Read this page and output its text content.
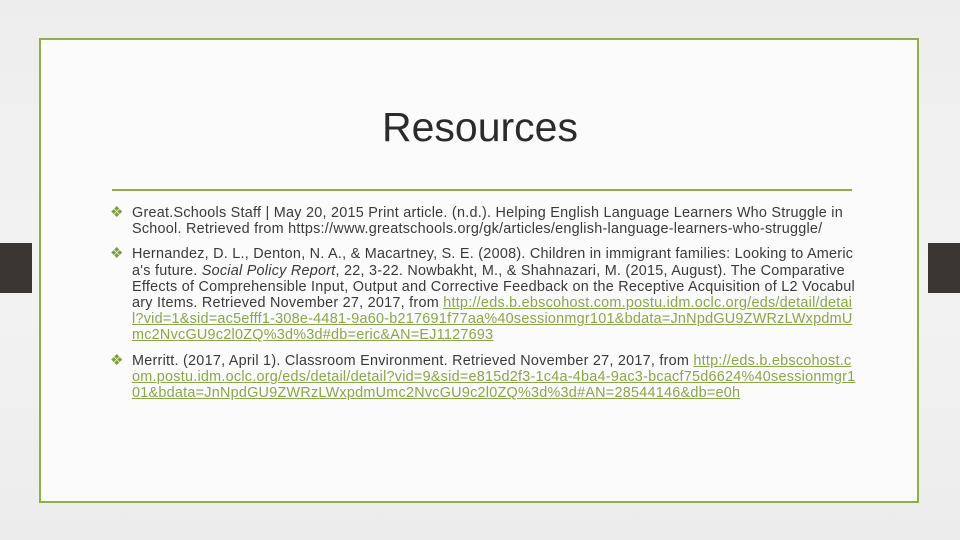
Resources
❖ Great.Schools Staff | May 20, 2015 Print article. (n.d.). Helping English Language Learners Who Struggle in School. Retrieved from https://www.greatschools.org/gk/articles/english-language-learners-who-struggle/
❖ Hernandez, D. L., Denton, N. A., & Macartney, S. E. (2008). Children in immigrant families: Looking to America's future. Social Policy Report, 22, 3-22. Nowbakht, M., & Shahnazari, M. (2015, August). The Comparative Effects of Comprehensible Input, Output and Corrective Feedback on the Receptive Acquisition of L2 Vocabulary Items. Retrieved November 27, 2017, from http://eds.b.ebscohost.com.postu.idm.oclc.org/eds/detail/detail?vid=1&sid=ac5efff1-308e-4481-9a60-b217691f77aa%40sessionmgr101&bdata=JnNpdGU9ZWRzLWxpdmUmc2NvcGU9c2l0ZQ%3d%3d#db=eric&AN=EJ1127693
❖ Merritt. (2017, April 1). Classroom Environment. Retrieved November 27, 2017, from http://eds.b.ebscohost.com.postu.idm.oclc.org/eds/detail/detail?vid=9&sid=e815d2f3-1c4a-4ba4-9ac3-bcacf75d6624%40sessionmgr101&bdata=JnNpdGU9ZWRzLWxpdmUmc2NvcGU9c2l0ZQ%3d%3d#AN=28544146&db=e0h
